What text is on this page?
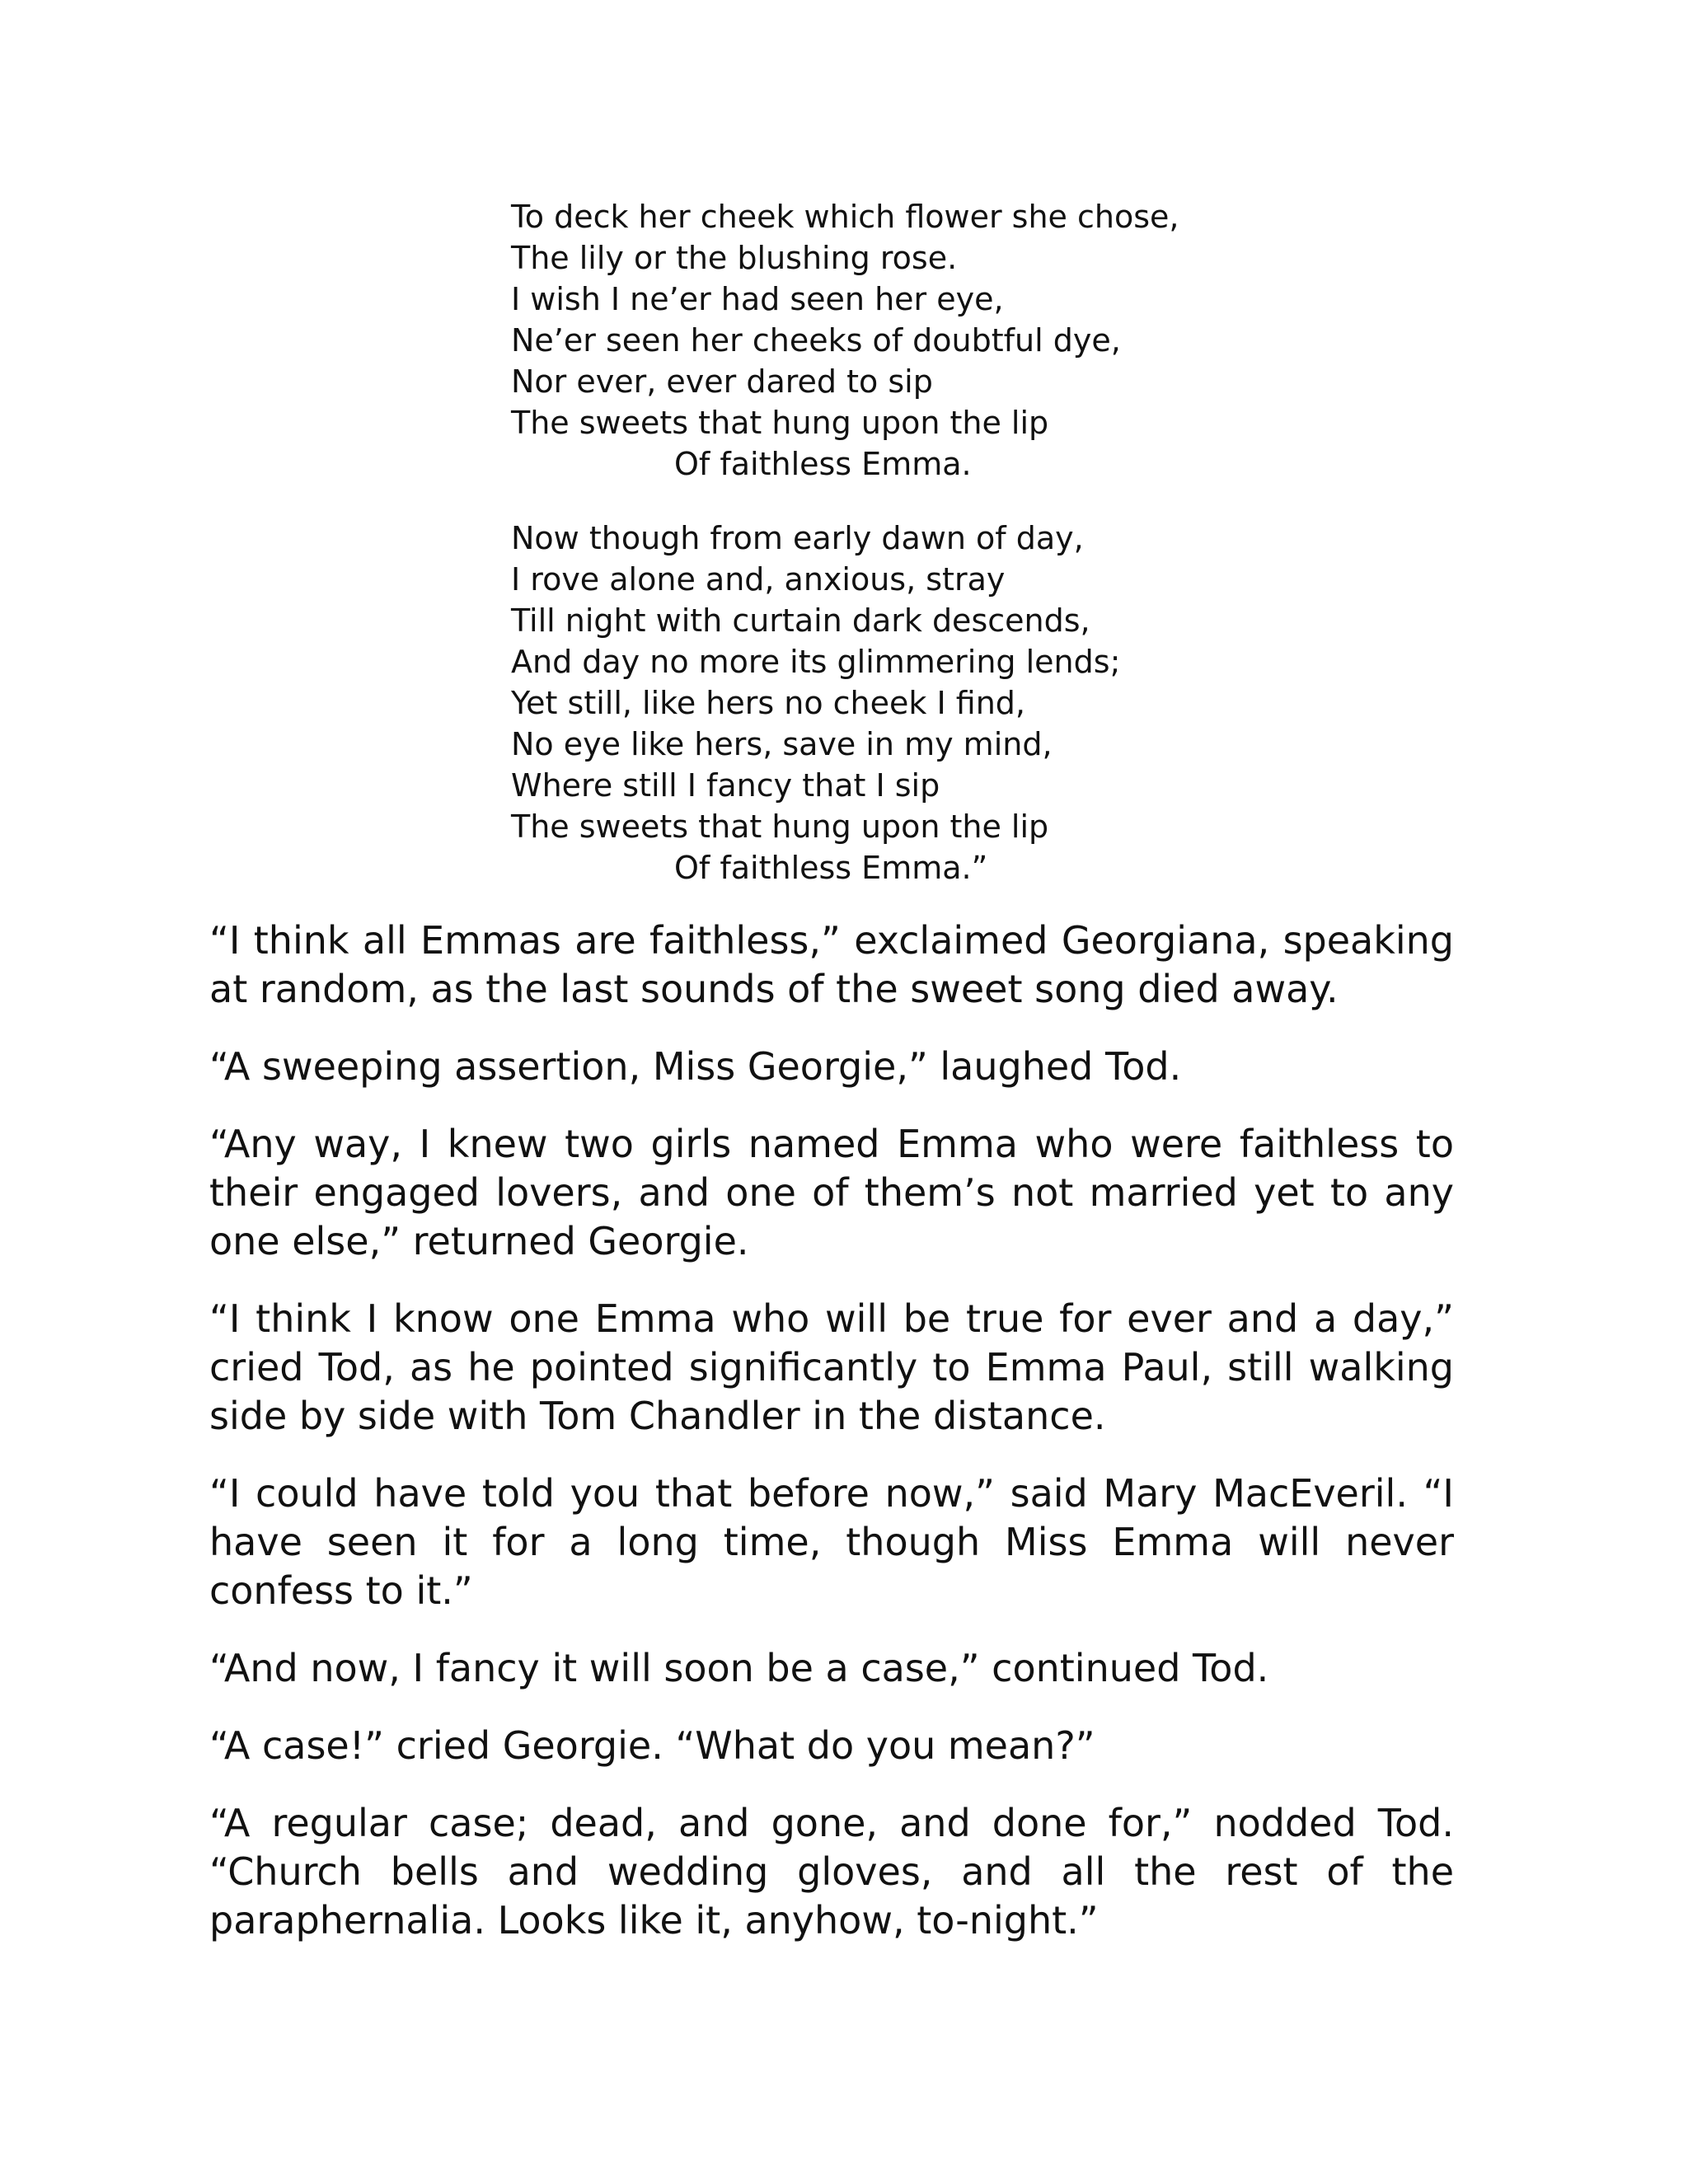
To deck her cheek which flower she chose,
The lily or the blushing rose.
I wish I ne’er had seen her eye,
Ne’er seen her cheeks of doubtful dye,
Nor ever, ever dared to sip
The sweets that hung upon the lip
Of faithless Emma.
Now though from early dawn of day,
I rove alone and, anxious, stray
Till night with curtain dark descends,
And day no more its glimmering lends;
Yet still, like hers no cheek I find,
No eye like hers, save in my mind,
Where still I fancy that I sip
The sweets that hung upon the lip
Of faithless Emma.”

“I think all Emmas are faithless,” exclaimed Georgiana, speaking at random, as the last sounds of the sweet song died away.

“A sweeping assertion, Miss Georgie,” laughed Tod.

“Any way, I knew two girls named Emma who were faithless to their engaged lovers, and one of them’s not married yet to any one else,” returned Georgie.

“I think I know one Emma who will be true for ever and a day,” cried Tod, as he pointed significantly to Emma Paul, still walking side by side with Tom Chandler in the distance.

“I could have told you that before now,” said Mary MacEveril. “I have seen it for a long time, though Miss Emma will never confess to it.”

“And now, I fancy it will soon be a case,” continued Tod.

“A case!” cried Georgie. “What do you mean?”

“A regular case; dead, and gone, and done for,” nodded Tod. “Church bells and wedding gloves, and all the rest of the paraphernalia. Looks like it, anyhow, to-night.”
